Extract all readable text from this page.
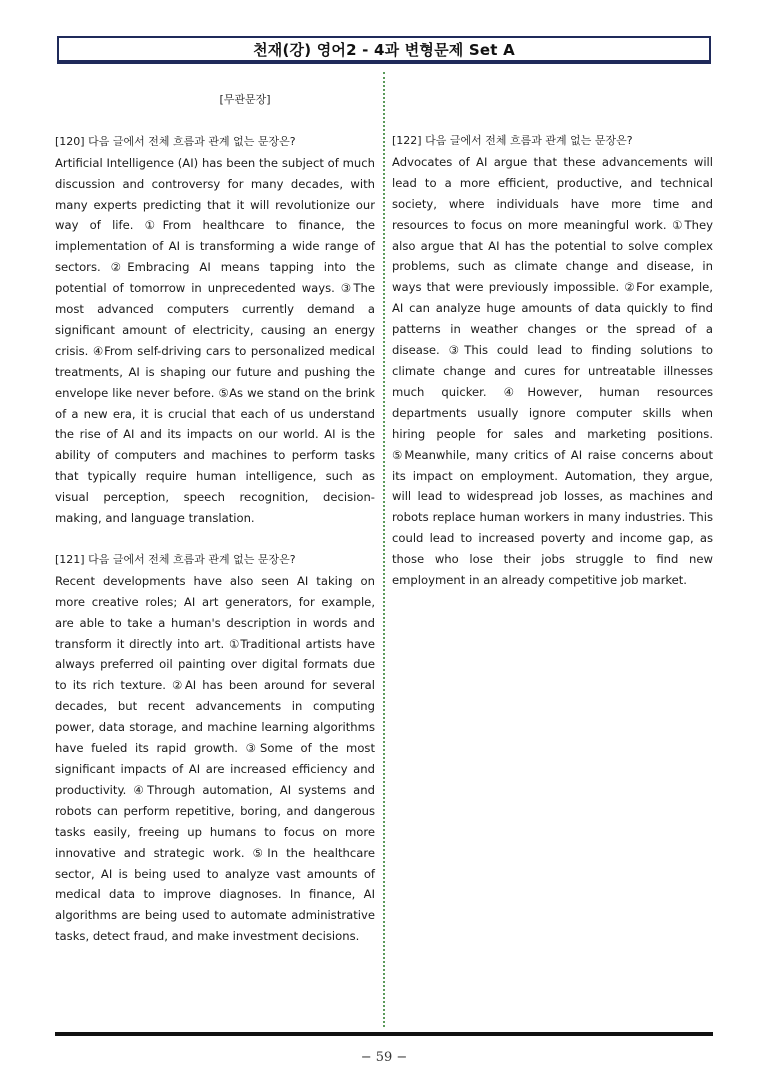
천재(강) 영어2 - 4과 변형문제 Set A
[무관문장]
[120] 다음 글에서 전체 흐름과 관계 없는 문장은?

Artificial Intelligence (AI) has been the subject of much discussion and controversy for many decades, with many experts predicting that it will revolutionize our way of life. ①From healthcare to finance, the implementation of AI is transforming a wide range of sectors. ②Embracing AI means tapping into the potential of tomorrow in unprecedented ways. ③The most advanced computers currently demand a significant amount of electricity, causing an energy crisis. ④From self-driving cars to personalized medical treatments, AI is shaping our future and pushing the envelope like never before. ⑤As we stand on the brink of a new era, it is crucial that each of us understand the rise of AI and its impacts on our world. AI is the ability of computers and machines to perform tasks that typically require human intelligence, such as visual perception, speech recognition, decision-making, and language translation.

[121] 다음 글에서 전체 흐름과 관계 없는 문장은?

Recent developments have also seen AI taking on more creative roles; AI art generators, for example, are able to take a human's description in words and transform it directly into art. ①Traditional artists have always preferred oil painting over digital formats due to its rich texture. ②AI has been around for several decades, but recent advancements in computing power, data storage, and machine learning algorithms have fueled its rapid growth. ③Some of the most significant impacts of AI are increased efficiency and productivity. ④Through automation, AI systems and robots can perform repetitive, boring, and dangerous tasks easily, freeing up humans to focus on more innovative and strategic work. ⑤In the healthcare sector, AI is being used to analyze vast amounts of medical data to improve diagnoses. In finance, AI algorithms are being used to automate administrative tasks, detect fraud, and make investment decisions.

[122] 다음 글에서 전체 흐름과 관계 없는 문장은?

Advocates of AI argue that these advancements will lead to a more efficient, productive, and technical society, where individuals have more time and resources to focus on more meaningful work. ①They also argue that AI has the potential to solve complex problems, such as climate change and disease, in ways that were previously impossible. ②For example, AI can analyze huge amounts of data quickly to find patterns in weather changes or the spread of a disease. ③This could lead to finding solutions to climate change and cures for untreatable illnesses much quicker. ④However, human resources departments usually ignore computer skills when hiring people for sales and marketing positions. ⑤Meanwhile, many critics of AI raise concerns about its impact on employment. Automation, they argue, will lead to widespread job losses, as machines and robots replace human workers in many industries. This could lead to increased poverty and income gap, as those who lose their jobs struggle to find new employment in an already competitive job market.

− 59 −
